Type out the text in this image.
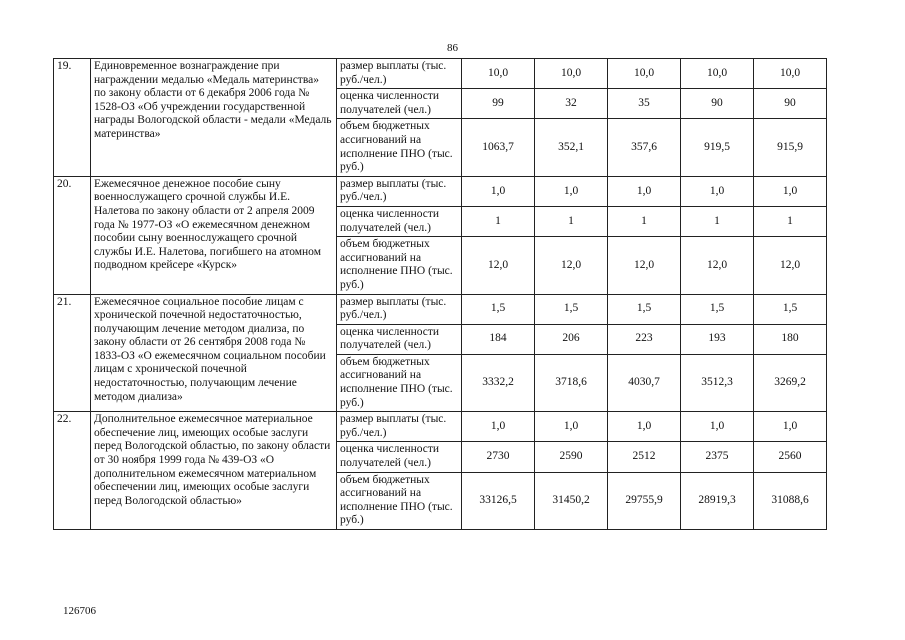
86
19.	Единовременное вознаграждение при награждении медалью «Медаль материнства» по закону области от 6 декабря 2006 года № 1528-ОЗ «Об учреждении государственной награды Вологодской области - медали «Медаль материнства»	размер выплаты (тыс. руб./чел.)	10,0	10,0	10,0	10,0	10,0
		оценка численности получателей (чел.)	99	32	35	90	90
		объем бюджетных ассигнований на исполнение ПНО (тыс. руб.)	1063,7	352,1	357,6	919,5	915,9
20.	Ежемесячное денежное пособие сыну военнослужащего срочной службы И.Е. Налетова по закону области от 2 апреля 2009 года № 1977-ОЗ «О ежемесячном денежном пособии сыну военнослужащего срочной службы И.Е. Налетова, погибшего на атомном подводном крейсере «Курск»	размер выплаты (тыс. руб./чел.)	1,0	1,0	1,0	1,0	1,0
		оценка численности получателей (чел.)	1	1	1	1	1
		объем бюджетных ассигнований на исполнение ПНО (тыс. руб.)	12,0	12,0	12,0	12,0	12,0
21.	Ежемесячное социальное пособие лицам с хронической почечной недостаточностью, получающим лечение методом диализа, по закону области от 26 сентября 2008 года № 1833-ОЗ «О ежемесячном социальном пособии лицам с хронической почечной недостаточностью, получающим лечение методом диализа»	размер выплаты (тыс. руб./чел.)	1,5	1,5	1,5	1,5	1,5
		оценка численности получателей (чел.)	184	206	223	193	180
		объем бюджетных ассигнований на исполнение ПНО (тыс. руб.)	3332,2	3718,6	4030,7	3512,3	3269,2
22.	Дополнительное ежемесячное материальное обеспечение лиц, имеющих особые заслуги перед Вологодской областью, по закону области от 30 ноября 1999 года № 439-ОЗ «О дополнительном ежемесячном материальном обеспечении лиц, имеющих особые заслуги перед Вологодской областью»	размер выплаты (тыс. руб./чел.)	1,0	1,0	1,0	1,0	1,0
		оценка численности получателей (чел.)	2730	2590	2512	2375	2560
		объем бюджетных ассигнований на исполнение ПНО (тыс. руб.)	33126,5	31450,2	29755,9	28919,3	31088,6
126706
